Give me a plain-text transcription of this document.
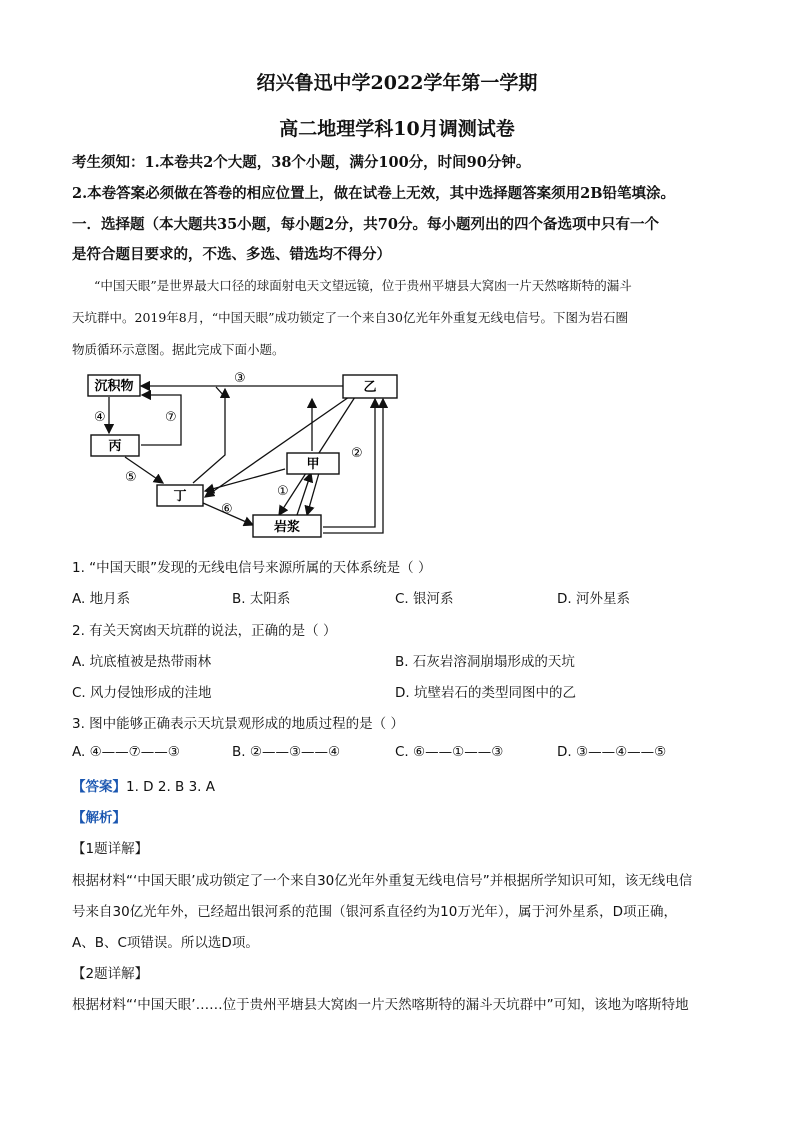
绍兴鲁迅中学2022学年第一学期
高二地理学科10月调测试卷
考生须知：1.本卷共2个大题，38个小题，满分100分，时间90分钟。
2.本卷答案必须做在答卷的相应位置上，做在试卷上无效，其中选择题答案须用2B铅笔填涂。
一．选择题（本大题共35小题，每小题2分，共70分。每小题列出的四个备选项中只有一个
是符合题目要求的，不选、多选、错选均不得分）
“中国天眼”是世界最大口径的球面射电天文望远镜，位于贵州平塘县大窝凼一片天然喀斯特的漏斗
天坑群中。2019年8月，“中国天眼”成功锁定了一个来自30亿光年外重复无线电信号。下图为岩石圈
物质循环示意图。据此完成下面小题。
沉积物	乙
丙
甲
丁
岩浆
③
④	⑦
⑤
⑥
①
②
1. “中国天眼”发现的无线电信号来源所属的天体系统是（ ）
A. 地月系	B. 太阳系	C. 银河系	D. 河外星系
2. 有关天窝凼天坑群的说法，正确的是（ ）
A. 坑底植被是热带雨林	B. 石灰岩溶洞崩塌形成的天坑
C. 风力侵蚀形成的洼地	D. 坑壁岩石的类型同图中的乙
3. 图中能够正确表示天坑景观形成的地质过程的是（ ）
A. ④——⑦——③	B. ②——③——④	C. ⑥——①——③	D. ③——④——⑤
【答案】1. D 2. B 3. A
【解析】
【1题详解】
根据材料“‘中国天眼’成功锁定了一个来自30亿光年外重复无线电信号”并根据所学知识可知，该无线电信
号来自30亿光年外，已经超出银河系的范围（银河系直径约为10万光年），属于河外星系，D项正确，
A、B、C项错误。所以选D项。
【2题详解】
根据材料“‘中国天眼’……位于贵州平塘县大窝凼一片天然喀斯特的漏斗天坑群中”可知，该地为喀斯特地
